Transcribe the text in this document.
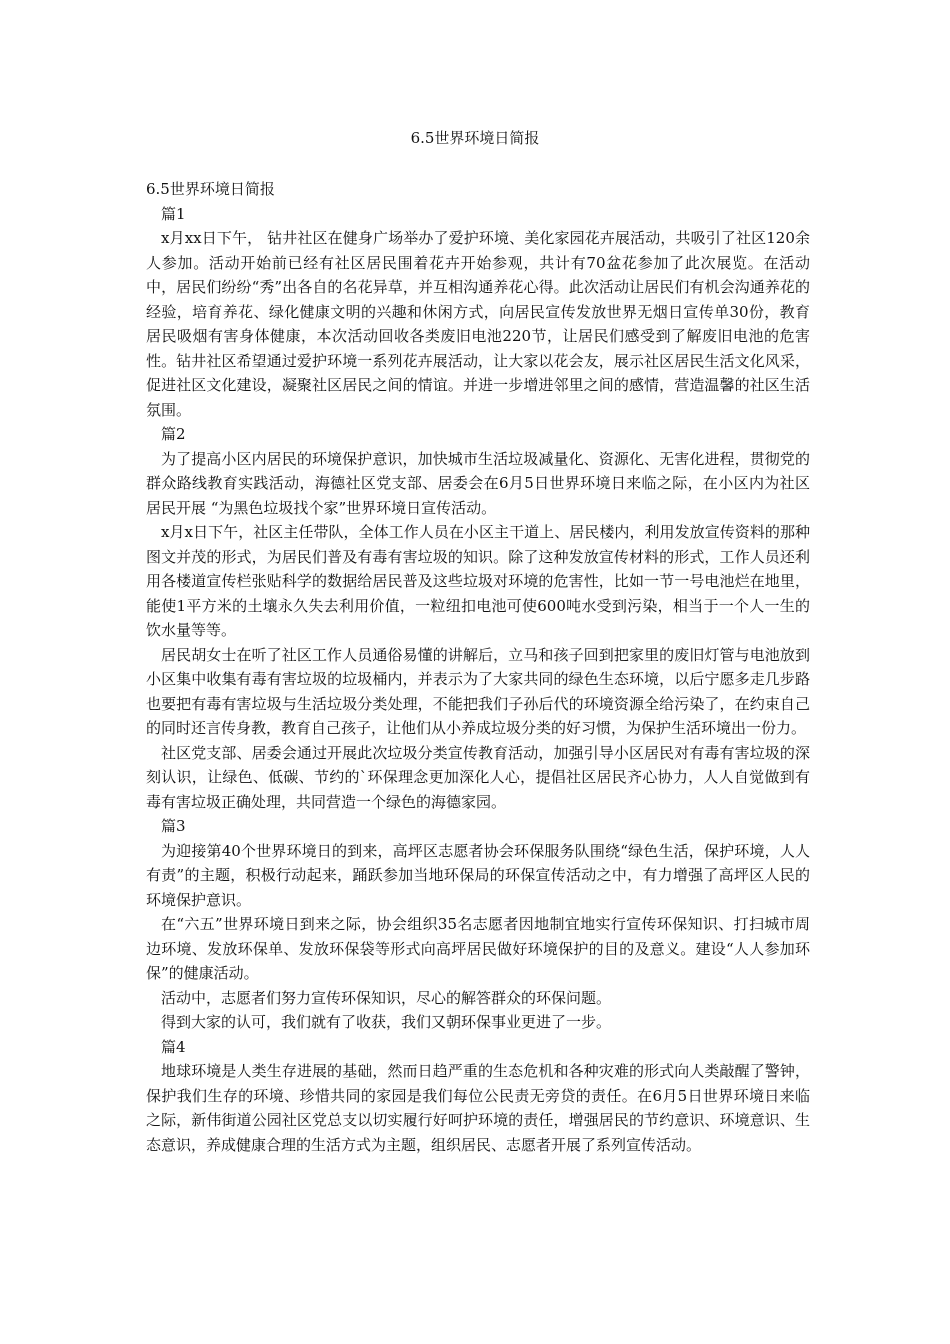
6.5世界环境日简报

6.5世界环境日简报

篇1

x月xx日下午， 钻井社区在健身广场举办了爱护环境、美化家园花卉展活动，共吸引了社区120余人参加。活动开始前已经有社区居民围着花卉开始参观，共计有70盆花参加了此次展览。在活动中，居民们纷纷“秀”出各自的名花异草，并互相沟通养花心得。此次活动让居民们有机会沟通养花的经验，培育养花、绿化健康文明的兴趣和休闲方式，向居民宣传发放世界无烟日宣传单30份，教育居民吸烟有害身体健康，本次活动回收各类废旧电池220节，让居民们感受到了解废旧电池的危害性。钻井社区希望通过爱护环境一系列花卉展活动，让大家以花会友，展示社区居民生活文化风采，促进社区文化建设，凝聚社区居民之间的情谊。并进一步增进邻里之间的感情，营造温馨的社区生活氛围。

篇2

为了提高小区内居民的环境保护意识，加快城市生活垃圾减量化、资源化、无害化进程，贯彻党的群众路线教育实践活动，海德社区党支部、居委会在6月5日世界环境日来临之际，在小区内为社区居民开展 “为黑色垃圾找个家”世界环境日宣传活动。

x月x日下午，社区主任带队，全体工作人员在小区主干道上、居民楼内，利用发放宣传资料的那种图文并茂的形式，为居民们普及有毒有害垃圾的知识。除了这种发放宣传材料的形式，工作人员还利用各楼道宣传栏张贴科学的数据给居民普及这些垃圾对环境的危害性，比如一节一号电池烂在地里，能使1平方米的土壤永久失去利用价值，一粒纽扣电池可使600吨水受到污染，相当于一个人一生的饮水量等等。

居民胡女士在听了社区工作人员通俗易懂的讲解后，立马和孩子回到把家里的废旧灯管与电池放到小区集中收集有毒有害垃圾的垃圾桶内，并表示为了大家共同的绿色生态环境，以后宁愿多走几步路也要把有毒有害垃圾与生活垃圾分类处理，不能把我们子孙后代的环境资源全给污染了，在约束自己的同时还言传身教，教育自己孩子，让他们从小养成垃圾分类的好习惯，为保护生活环境出一份力。

社区党支部、居委会通过开展此次垃圾分类宣传教育活动，加强引导小区居民对有毒有害垃圾的深刻认识，让绿色、低碳、节约的`环保理念更加深化人心，提倡社区居民齐心协力，人人自觉做到有毒有害垃圾正确处理，共同营造一个绿色的海德家园。

篇3

为迎接第40个世界环境日的到来，高坪区志愿者协会环保服务队围绕“绿色生活，保护环境，人人有责”的主题，积极行动起来，踊跃参加当地环保局的环保宣传活动之中，有力增强了高坪区人民的环境保护意识。

在“六五”世界环境日到来之际，协会组织35名志愿者因地制宜地实行宣传环保知识、打扫城市周边环境、发放环保单、发放环保袋等形式向高坪居民做好环境保护的目的及意义。建设“人人参加环保”的健康活动。

活动中，志愿者们努力宣传环保知识，尽心的解答群众的环保问题。

得到大家的认可，我们就有了收获，我们又朝环保事业更进了一步。

篇4

地球环境是人类生存进展的基础，然而日趋严重的生态危机和各种灾难的形式向人类敲醒了警钟，保护我们生存的环境、珍惜共同的家园是我们每位公民责无旁贷的责任。在6月5日世界环境日来临之际，新伟街道公园社区党总支以切实履行好呵护环境的责任，增强居民的节约意识、环境意识、生态意识，养成健康合理的生活方式为主题，组织居民、志愿者开展了系列宣传活动。
